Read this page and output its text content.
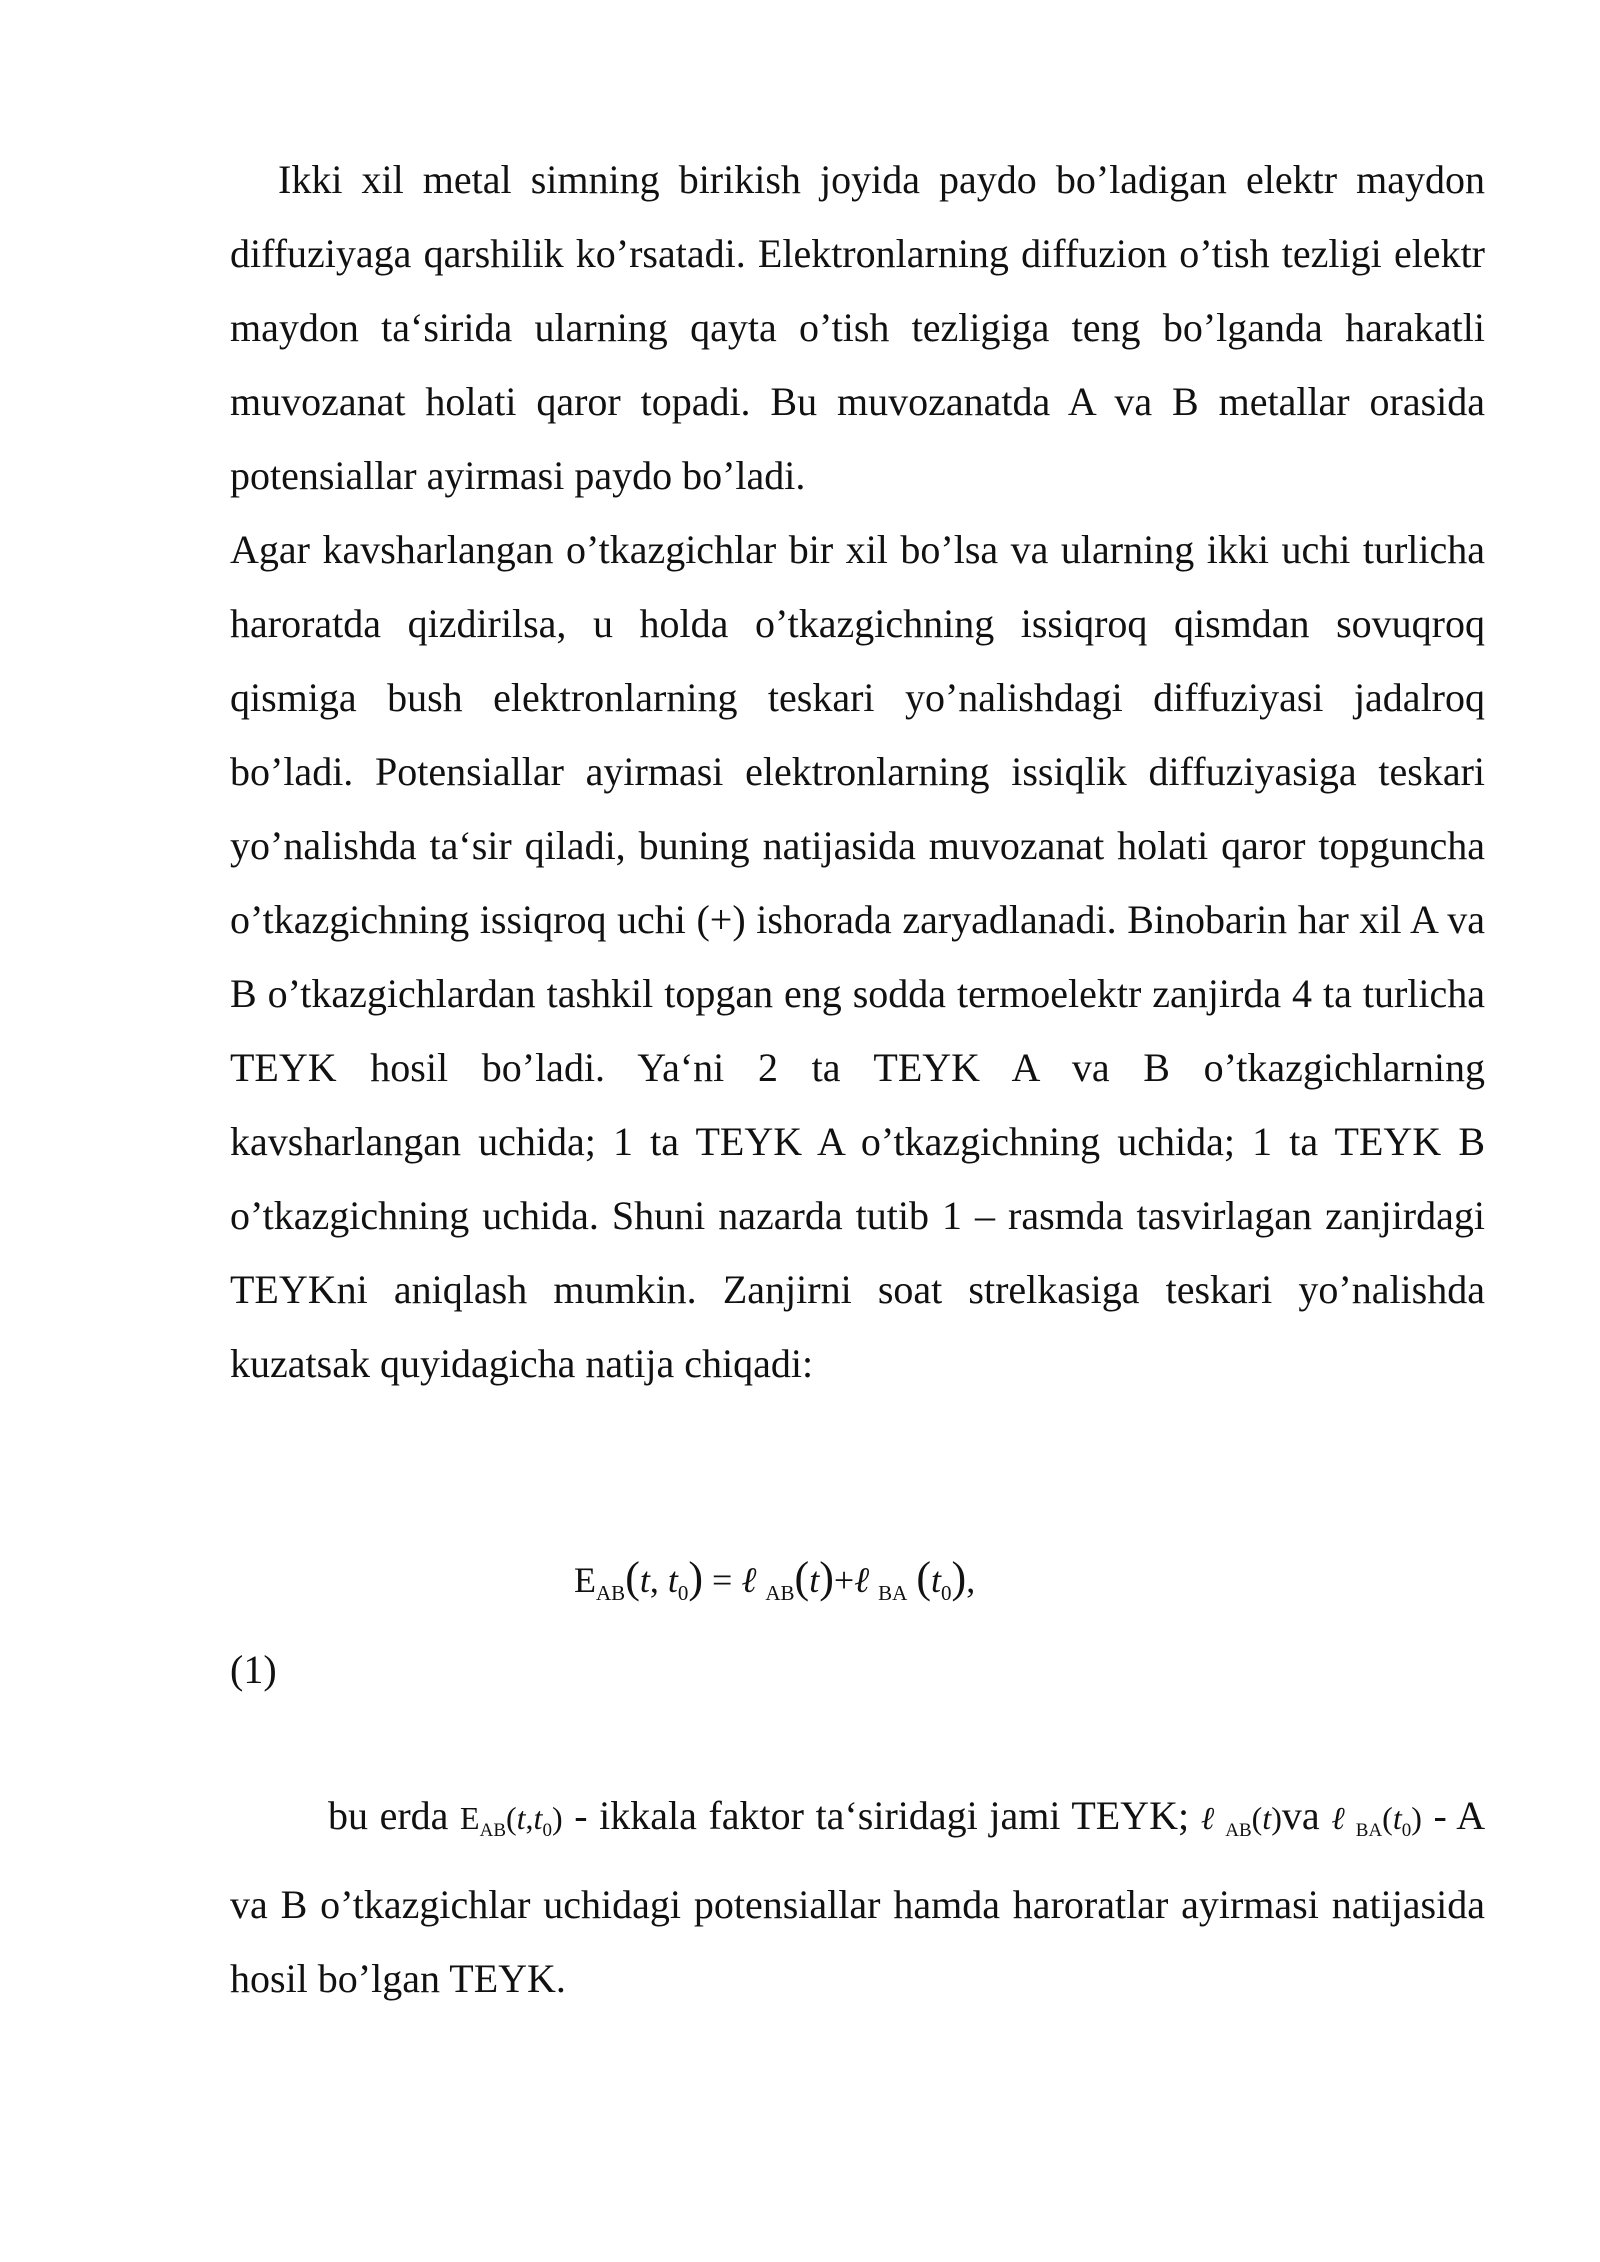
Ikki xil metal simning birikish joyida paydo bo’ladigan elektr maydon diffuziyaga qarshilik ko’rsatadi. Elektronlarning diffuzion o’tish tezligi elektr maydon ta‘sirida ularning qayta o’tish tezligiga teng bo’lganda harakatli muvozanat holati qaror topadi. Bu muvozanatda A va B metallar orasida potensiallar ayirmasi paydo bo’ladi.

Agar kavsharlangan o’tkazgichlar bir xil bo’lsa va ularning ikki uchi turlicha haroratda qizdirilsa, u holda o’tkazgichning issiqroq qismdan sovuqroq qismiga bush elektronlarning teskari yo’nalishdagi diffuziyasi jadalroq bo’ladi. Potensiallar ayirmasi elektronlarning issiqlik diffuziyasiga teskari yo’nalishda ta‘sir qiladi, buning natijasida muvozanat holati qaror topguncha o’tkazgichning issiqroq uchi (+) ishorada zaryadlanadi. Binobarin har xil A va B o’tkazgichlardan tashkil topgan eng sodda termoelektr zanjirda 4 ta turlicha TEYK hosil bo’ladi. Ya‘ni 2 ta TEYK A va B o’tkazgichlarning kavsharlangan uchida; 1 ta TEYK A o’tkazgichning uchida; 1 ta TEYK B o’tkazgichning uchida. Shuni nazarda tutib 1 – rasmda tasvirlagan zanjirdagi TEYKni aniqlash mumkin. Zanjirni soat strelkasiga teskari yo’nalishda kuzatsak quyidagicha natija chiqadi:

$E_{AB}(t$, $t_0$) = ℓ $_{AB}$(t)+ℓ $_{BA}$ $(t_0)$,
(1)

bu erda $E_{AB}(t,t_0)$ - ikkala faktor ta‘siridagi jami TEYK; ℓ $_{AB}$(t)va ℓ $_{BA}(t_0)$ - A va B o’tkazgichlar uchidagi potensiallar hamda haroratlar ayirmasi natijasida hosil bo’lgan TEYK.
